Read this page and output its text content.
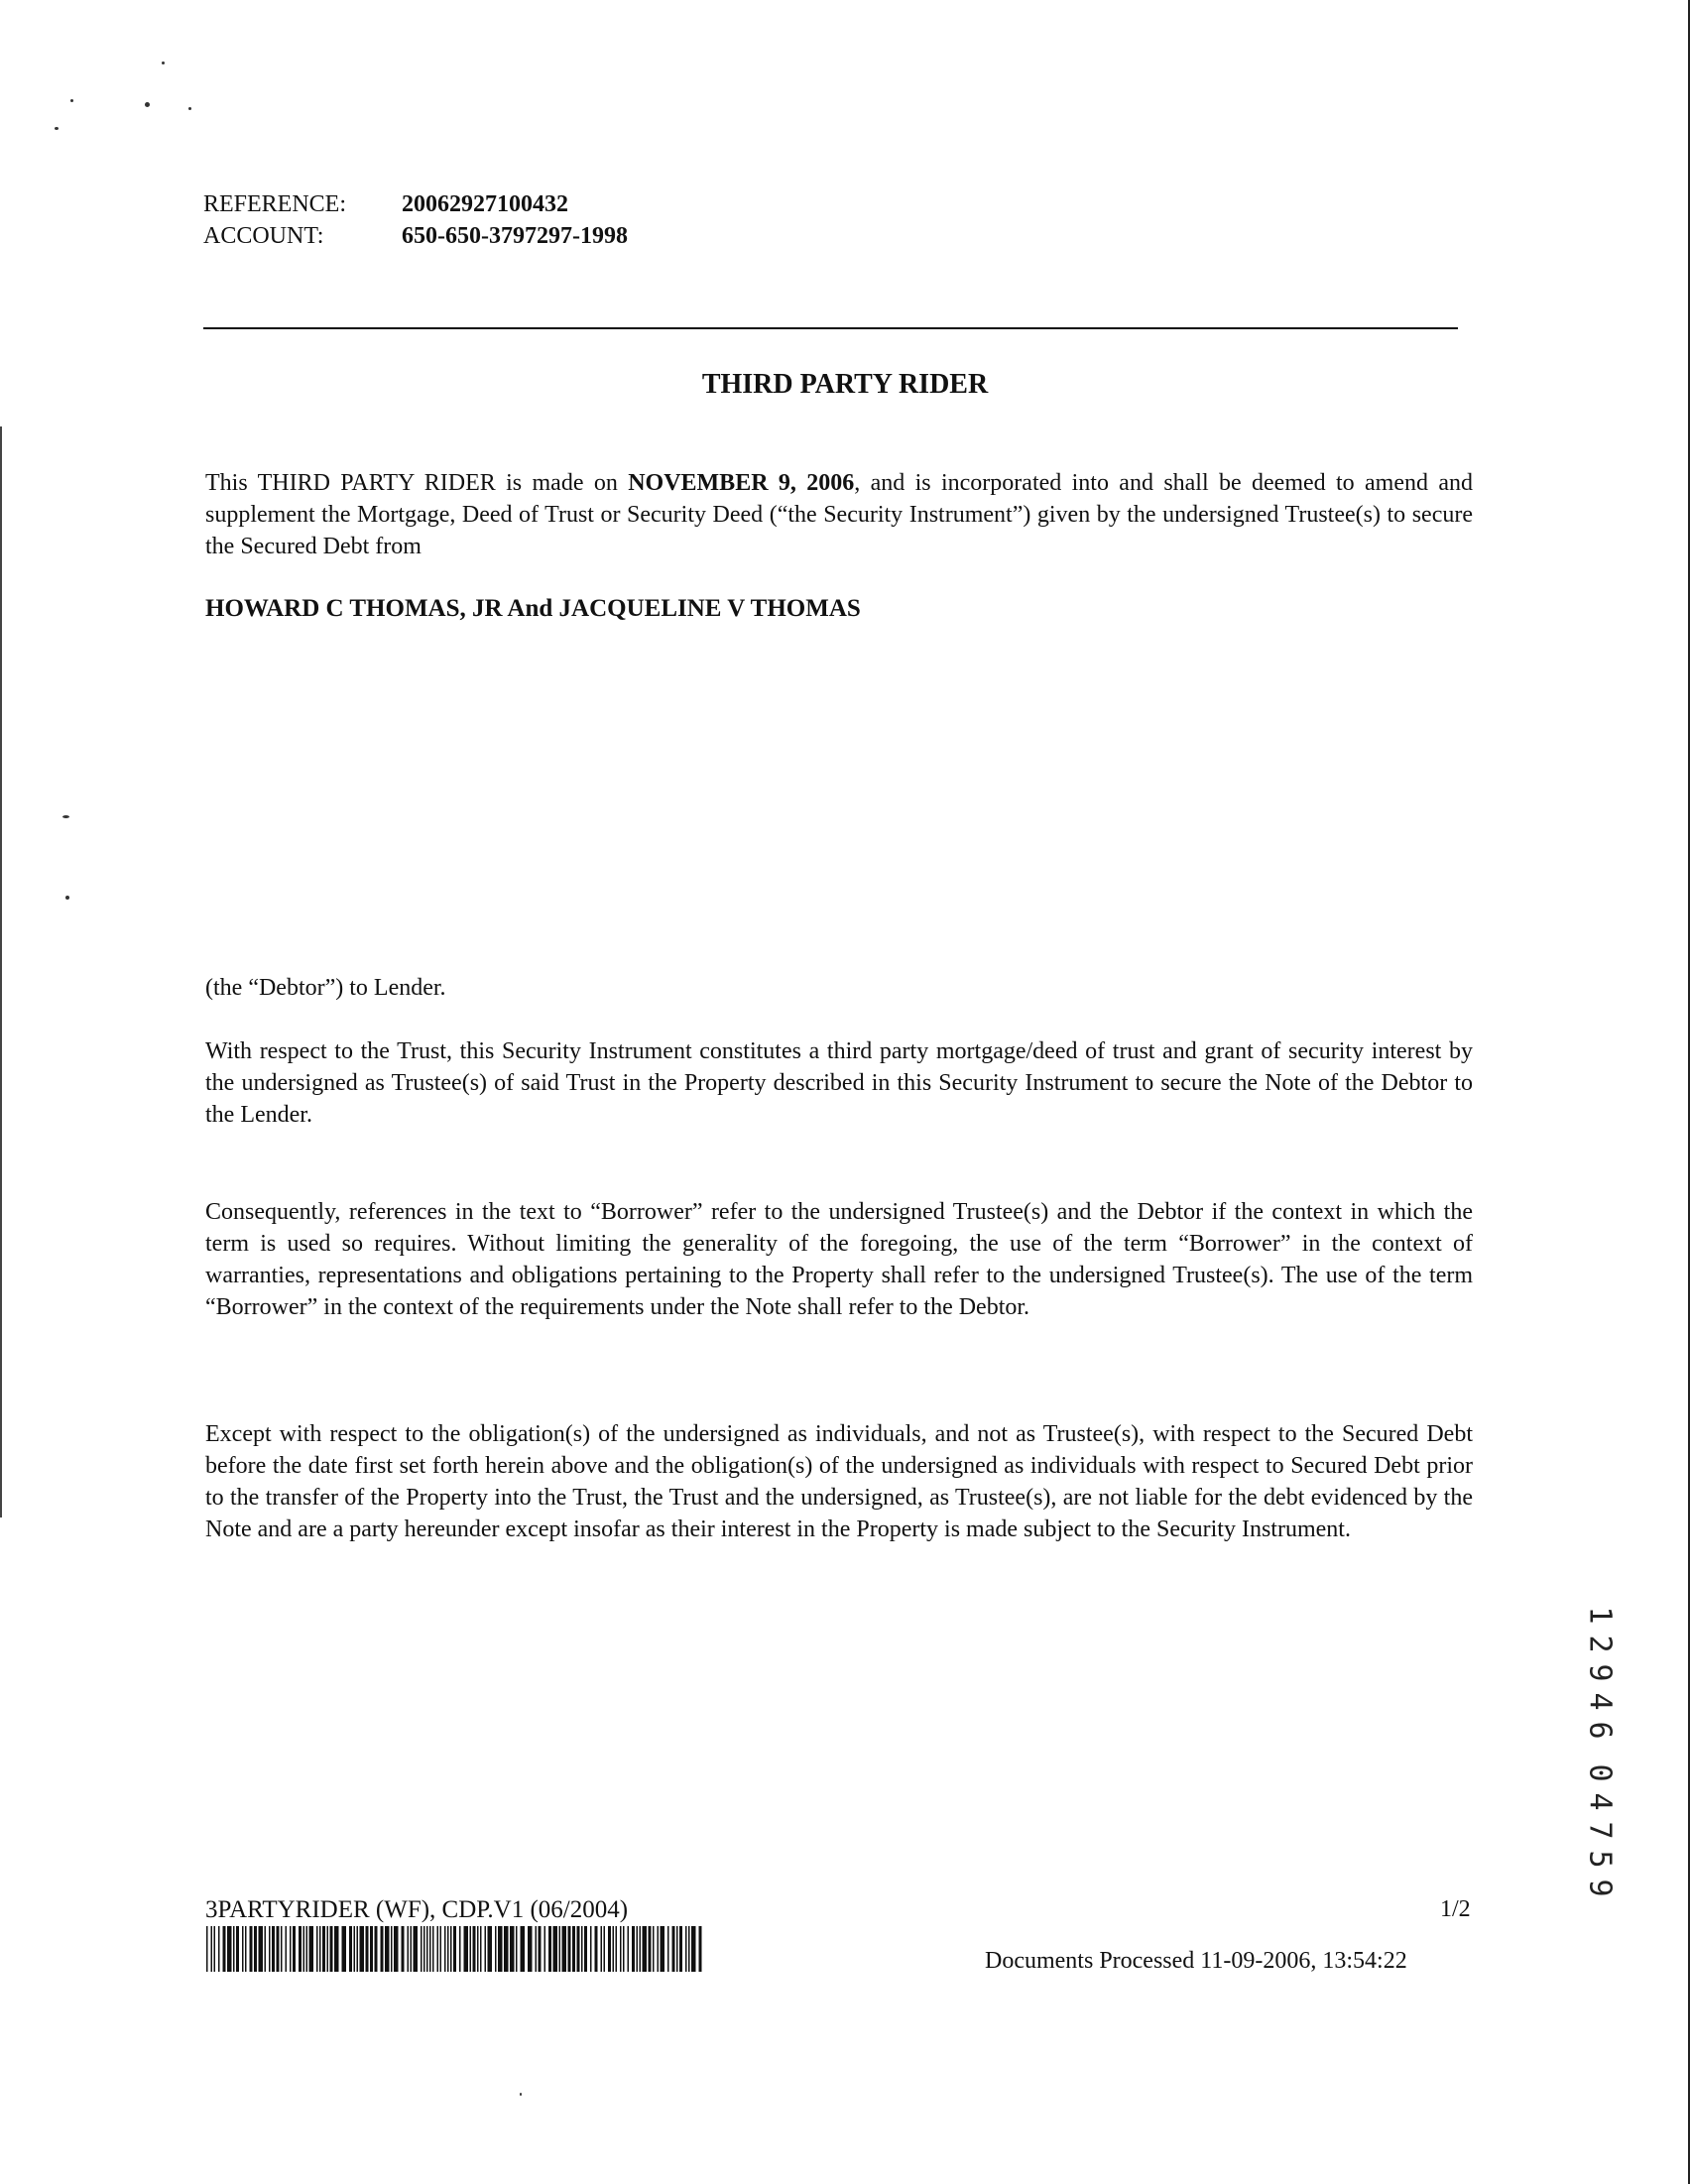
REFERENCE:	20062927100432
ACCOUNT:	650-650-3797297-1998
THIRD PARTY RIDER
This THIRD PARTY RIDER is made on NOVEMBER 9, 2006, and is incorporated into and shall be deemed to amend and supplement the Mortgage, Deed of Trust or Security Deed (“the Security Instrument”) given by the undersigned Trustee(s) to secure the Secured Debt from
HOWARD C THOMAS, JR And JACQUELINE V THOMAS
(the “Debtor”) to Lender.
With respect to the Trust, this Security Instrument constitutes a third party mortgage/deed of trust and grant of security interest by the undersigned as Trustee(s) of said Trust in the Property described in this Security Instrument to secure the Note of the Debtor to the Lender.
Consequently, references in the text to “Borrower” refer to the undersigned Trustee(s) and the Debtor if the context in which the term is used so requires. Without limiting the generality of the foregoing, the use of the term “Borrower” in the context of warranties, representations and obligations pertaining to the Property shall refer to the undersigned Trustee(s). The use of the term “Borrower” in the context of the requirements under the Note shall refer to the Debtor.
Except with respect to the obligation(s) of the undersigned as individuals, and not as Trustee(s), with respect to the Secured Debt before the date first set forth herein above and the obligation(s) of the undersigned as individuals with respect to Secured Debt prior to the transfer of the Property into the Trust, the Trust and the undersigned, as Trustee(s), are not liable for the debt evidenced by the Note and are a party hereunder except insofar as their interest in the Property is made subject to the Security Instrument.
1
2
9
4
6
0
4
7
5
9
3PARTYRIDER (WF), CDP.V1 (06/2004)	1/2
Documents Processed 11-09-2006, 13:54:22
